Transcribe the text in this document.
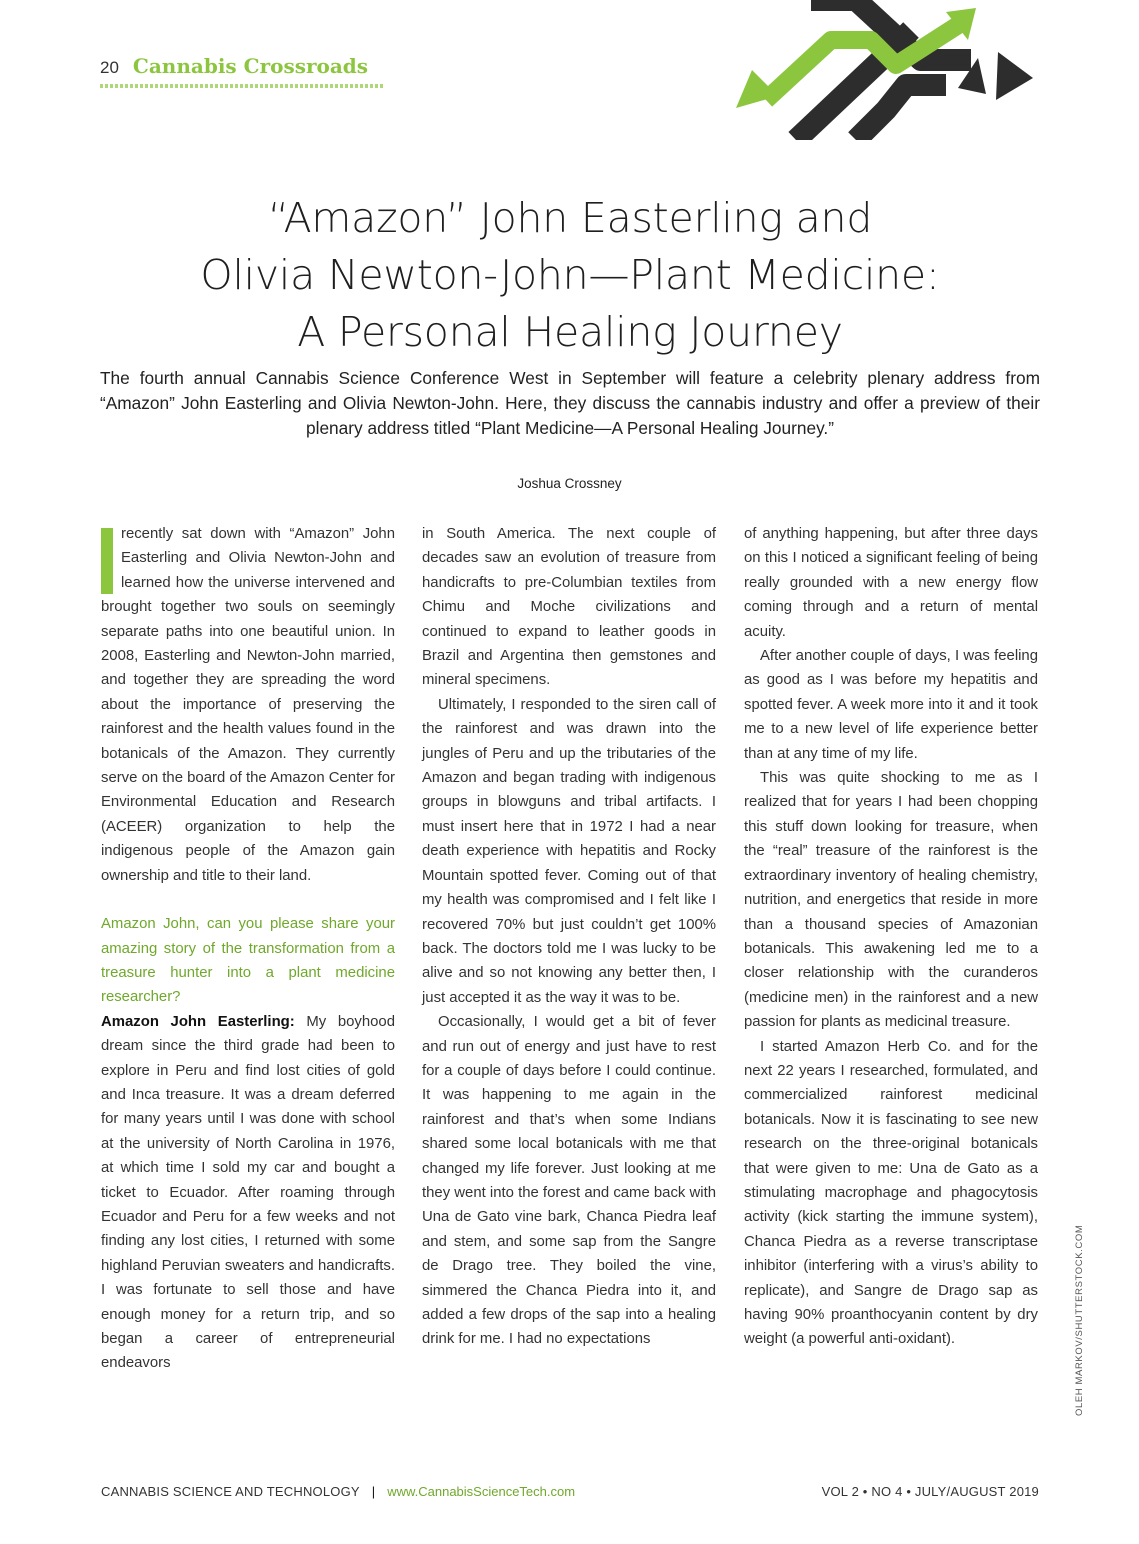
20 Cannabis Crossroads
“Amazon” John Easterling and
Olivia Newton-John—Plant Medicine:
A Personal Healing Journey

The fourth annual Cannabis Science Conference West in September will feature a celebrity plenary address from “Amazon” John Easterling and Olivia Newton-John. Here, they discuss the cannabis industry and offer a preview of their plenary address titled “Plant Medicine—A Personal Healing Journey.”

Joshua Crossney

recently sat down with “Amazon” John Easterling and Olivia Newton-John and learned how the universe intervened and brought together two souls on seemingly separate paths into one beautiful union. In 2008, Easterling and Newton-John married, and together they are spreading the word about the importance of preserving the rainforest and the health values found in the botanicals of the Amazon. They currently serve on the board of the Amazon Center for Environmental Education and Research (ACEER) organization to help the indigenous people of the Amazon gain ownership and title to their land.

Amazon John, can you please share your amazing story of the transformation from a treasure hunter into a plant medicine researcher?

Amazon John Easterling: My boyhood dream since the third grade had been to explore in Peru and find lost cities of gold and Inca treasure. It was a dream deferred for many years until I was done with school at the university of North Carolina in 1976, at which time I sold my car and bought a ticket to Ecuador. After roaming through Ecuador and Peru for a few weeks and not finding any lost cities, I returned with some highland Peruvian sweaters and handicrafts. I was fortunate to sell those and have enough money for a return trip, and so began a career of entrepreneurial endeavors

in South America. The next couple of decades saw an evolution of treasure from handicrafts to pre-Columbian textiles from Chimu and Moche civilizations and continued to expand to leather goods in Brazil and Argentina then gemstones and mineral specimens.

Ultimately, I responded to the siren call of the rainforest and was drawn into the jungles of Peru and up the tributaries of the Amazon and began trading with indigenous groups in blowguns and tribal artifacts. I must insert here that in 1972 I had a near death experience with hepatitis and Rocky Mountain spotted fever. Coming out of that my health was compromised and I felt like I recovered 70% but just couldn’t get 100% back. The doctors told me I was lucky to be alive and so not knowing any better then, I just accepted it as the way it was to be.

Occasionally, I would get a bit of fever and run out of energy and just have to rest for a couple of days before I could continue. It was happening to me again in the rainforest and that’s when some Indians shared some local botanicals with me that changed my life forever. Just looking at me they went into the forest and came back with Una de Gato vine bark, Chanca Piedra leaf and stem, and some sap from the Sangre de Drago tree. They boiled the vine, simmered the Chanca Piedra into it, and added a few drops of the sap into a healing drink for me. I had no expectations

of anything happening, but after three days on this I noticed a significant feeling of being really grounded with a new energy flow coming through and a return of mental acuity.

After another couple of days, I was feeling as good as I was before my hepatitis and spotted fever. A week more into it and it took me to a new level of life experience better than at any time of my life.

This was quite shocking to me as I realized that for years I had been chopping this stuff down looking for treasure, when the “real” treasure of the rainforest is the extraordinary inventory of healing chemistry, nutrition, and energetics that reside in more than a thousand species of Amazonian botanicals. This awakening led me to a closer relationship with the curanderos (medicine men) in the rainforest and a new passion for plants as medicinal treasure.

I started Amazon Herb Co. and for the next 22 years I researched, formulated, and commercialized rainforest medicinal botanicals. Now it is fascinating to see new research on the three-original botanicals that were given to me: Una de Gato as a stimulating macrophage and phagocytosis activity (kick starting the immune system), Chanca Piedra as a reverse transcriptase inhibitor (interfering with a virus’s ability to replicate), and Sangre de Drago sap as having 90% proanthocyanin content by dry weight (a powerful anti-oxidant).	OLEH MARKOV/SHUTTERSTOCK.COM
CANNABIS SCIENCE AND TECHNOLOGY | www.CannabisScienceTech.com	VOL 2 • NO 4 • JULY/AUGUST 2019
